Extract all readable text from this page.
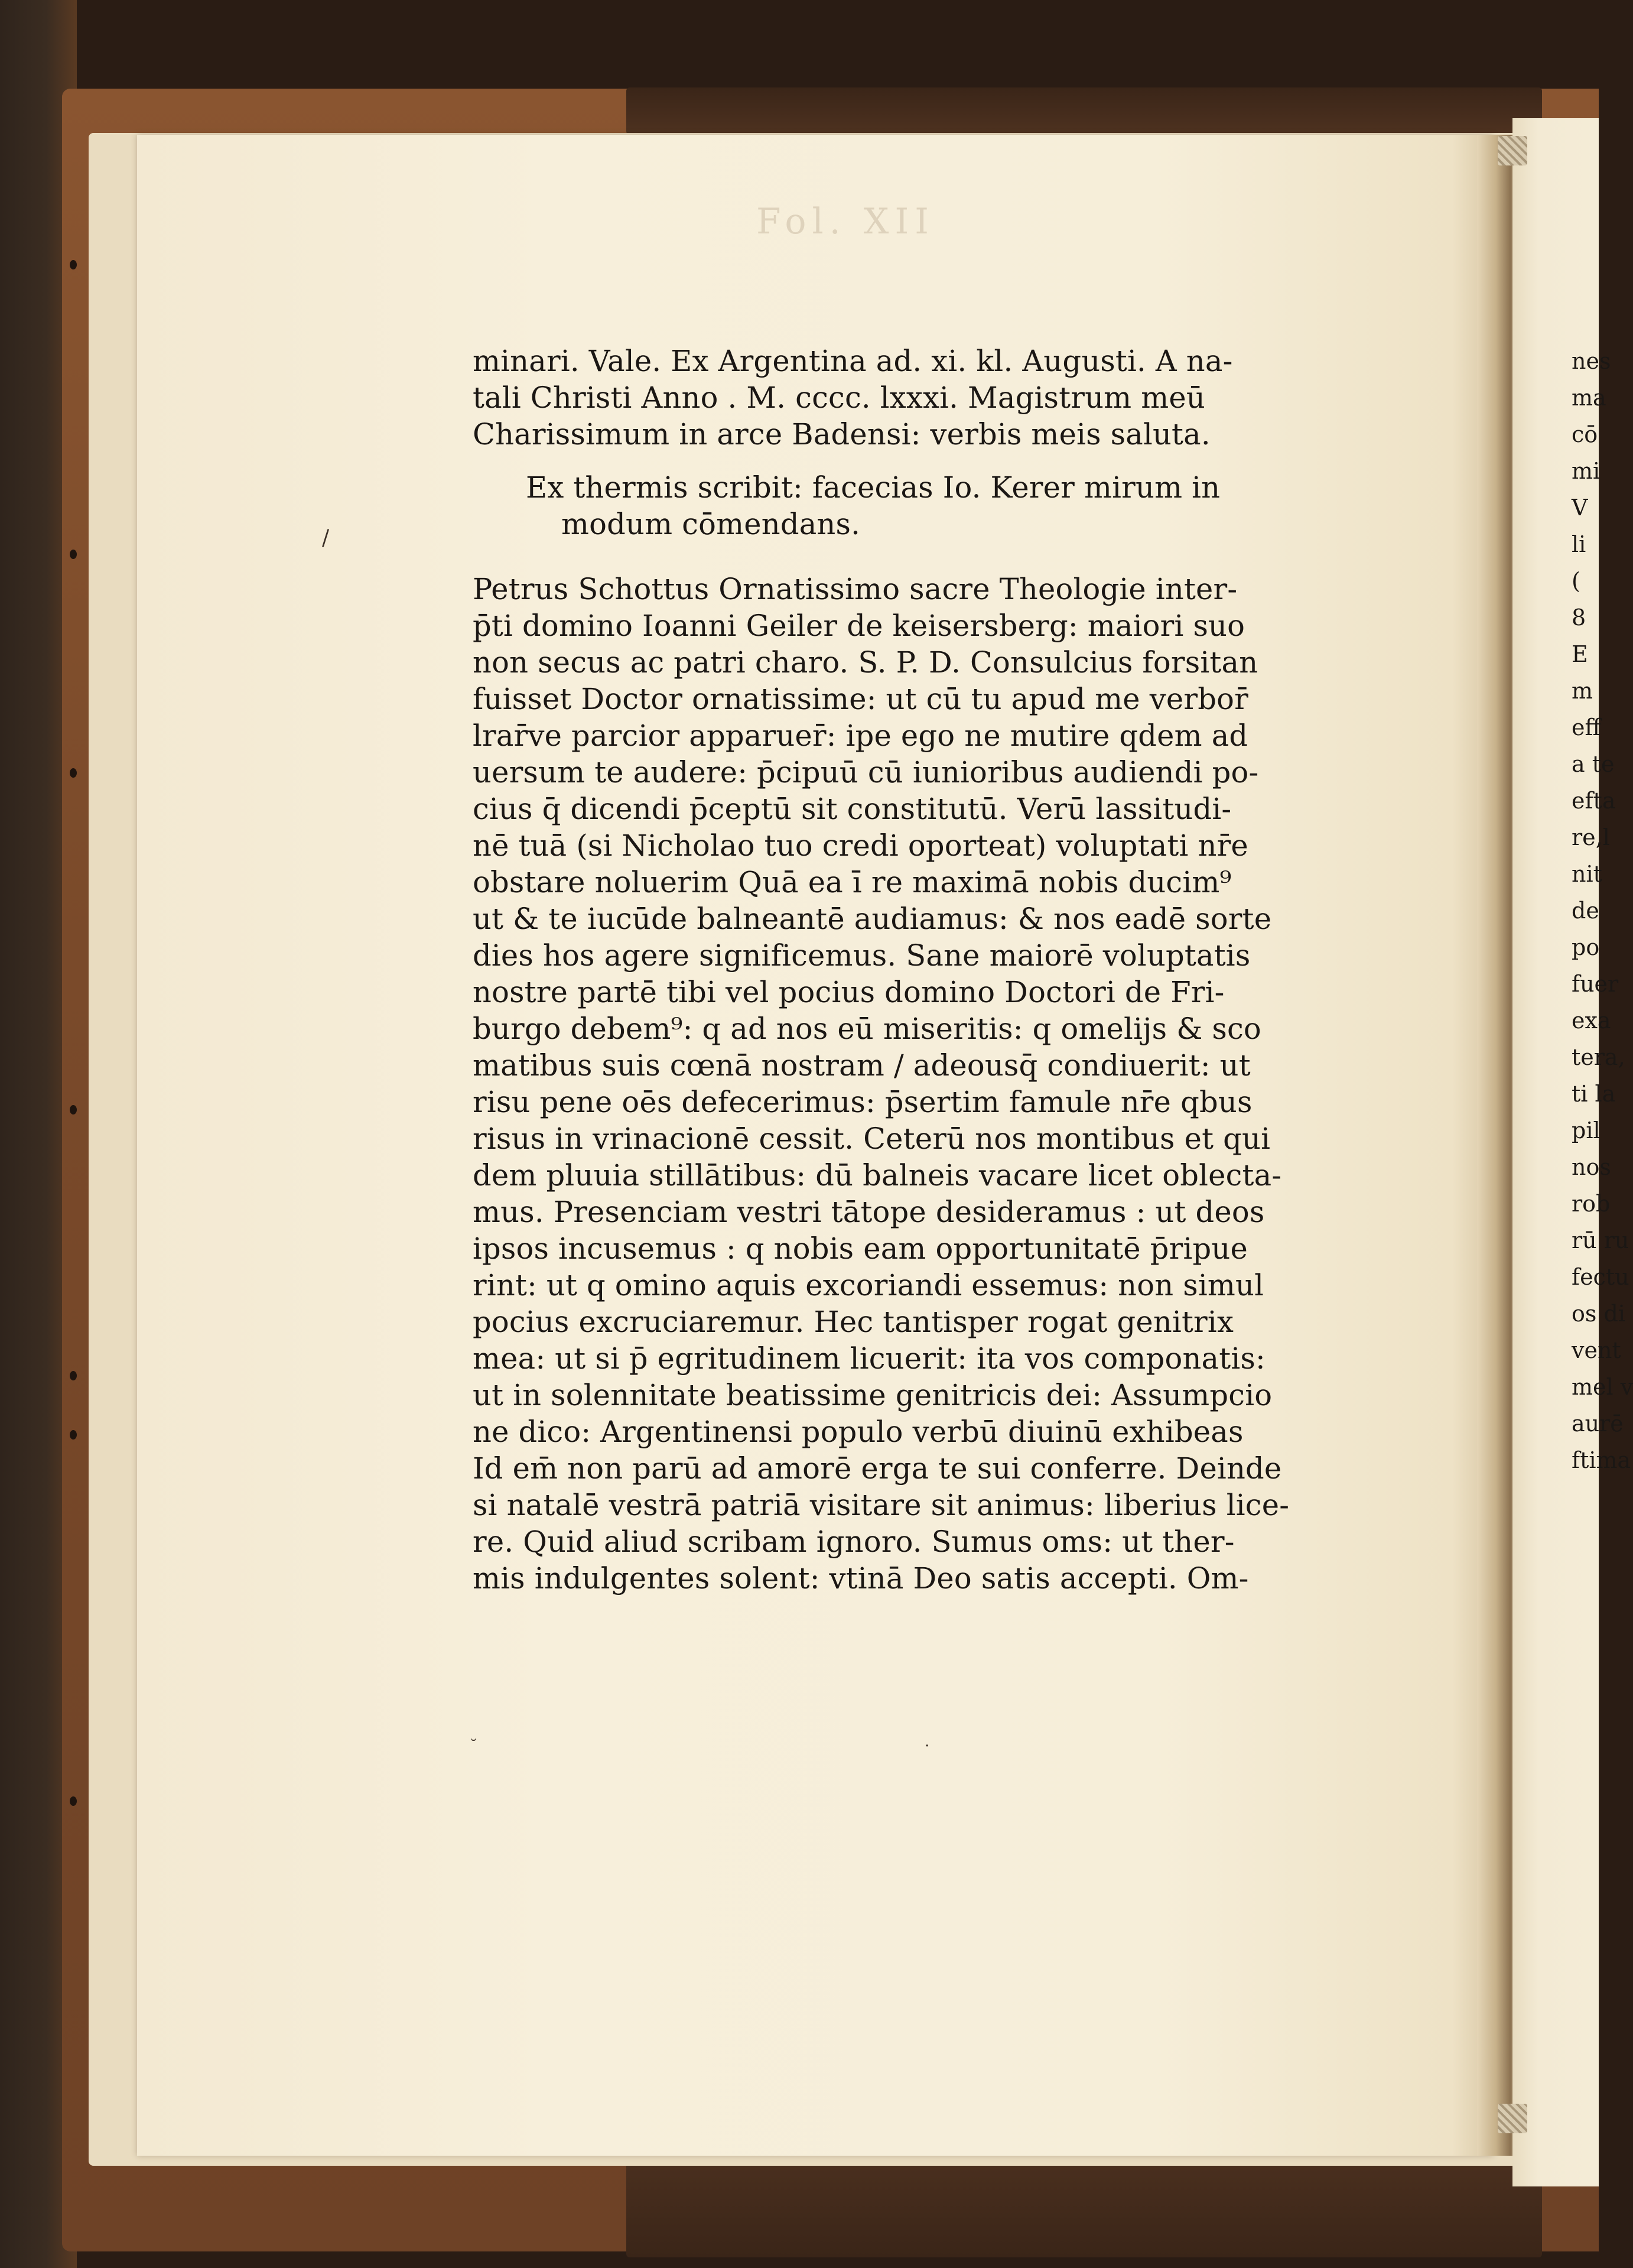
Fol. XII
/
˘	·
minari. Vale. Ex Argentina ad. xi. kl. Augusti. A na-
tali Christi Anno . M. cccc. lxxxi. Magistrum meū
Charissimum in arce Badensi: verbis meis saluta.
Ex thermis scribit: facecias Io. Kerer mirum in
modum cōmendans.
Petrus Schottus Ornatissimo sacre Theologie inter-
p̄ti domino Ioanni Geiler de keisersberg: maiori suo
non secus ac patri charo. S. P. D. Consulcius forsitan
fuisset Doctor ornatissime: ut cū tu apud me verbor̄
lrar̄ve parcior apparuer̄: ipe ego ne mutire qdem ad
uersum te audere: p̄cipuū cū iunioribus audiendi po-
cius q̄ dicendi p̄ceptū sit constitutū. Verū lassitudi-
nē tuā (si Nicholao tuo credi oporteat) voluptati nr̄e
obstare noluerim Quā ea ī re maximā nobis ducim⁹
ut & te iucūde balneantē audiamus: & nos eadē sorte
dies hos agere significemus. Sane maiorē voluptatis
nostre partē tibi vel pocius domino Doctori de Fri-
burgo debem⁹: q ad nos eū miseritis: q omelijs & sco
matibus suis cœnā nostram / adeousq̄ condiuerit: ut
risu pene oēs defecerimus: p̄sertim famule nr̄e qbus
risus in vrinacionē cessit. Ceterū nos montibus et qui
dem pluuia stillātibus: dū balneis vacare licet oblecta-
mus. Presenciam vestri tātope desideramus : ut deos
ipsos incusemus : q nobis eam opportunitatē p̄ripue
rint: ut q omino aquis excoriandi essemus: non simul
pocius excruciaremur. Hec tantisper rogat genitrix
mea: ut si p̄ egritudinem licuerit: ita vos componatis:
ut in solennitate beatissime genitricis dei: Assumpcio
ne dico: Argentinensi populo verbū diuinū exhibeas
Id em̄ non parū ad amorē erga te sui conferre. Deinde
si natalē vestrā patriā visitare sit animus: liberius lice-
re. Quid aliud scribam ignoro. Sumus oms: ut ther-
mis indulgentes solent: vtinā Deo satis accepti. Om-
nes
ma
cō
mi
V
li
(
8
E
m
eff
a te
efta
re,l
nit
de
po
fuer
exa
tera,
ti la
pil
nos
rob
rū ru
fectu
os di
vent
mel v
aurē
ftima
